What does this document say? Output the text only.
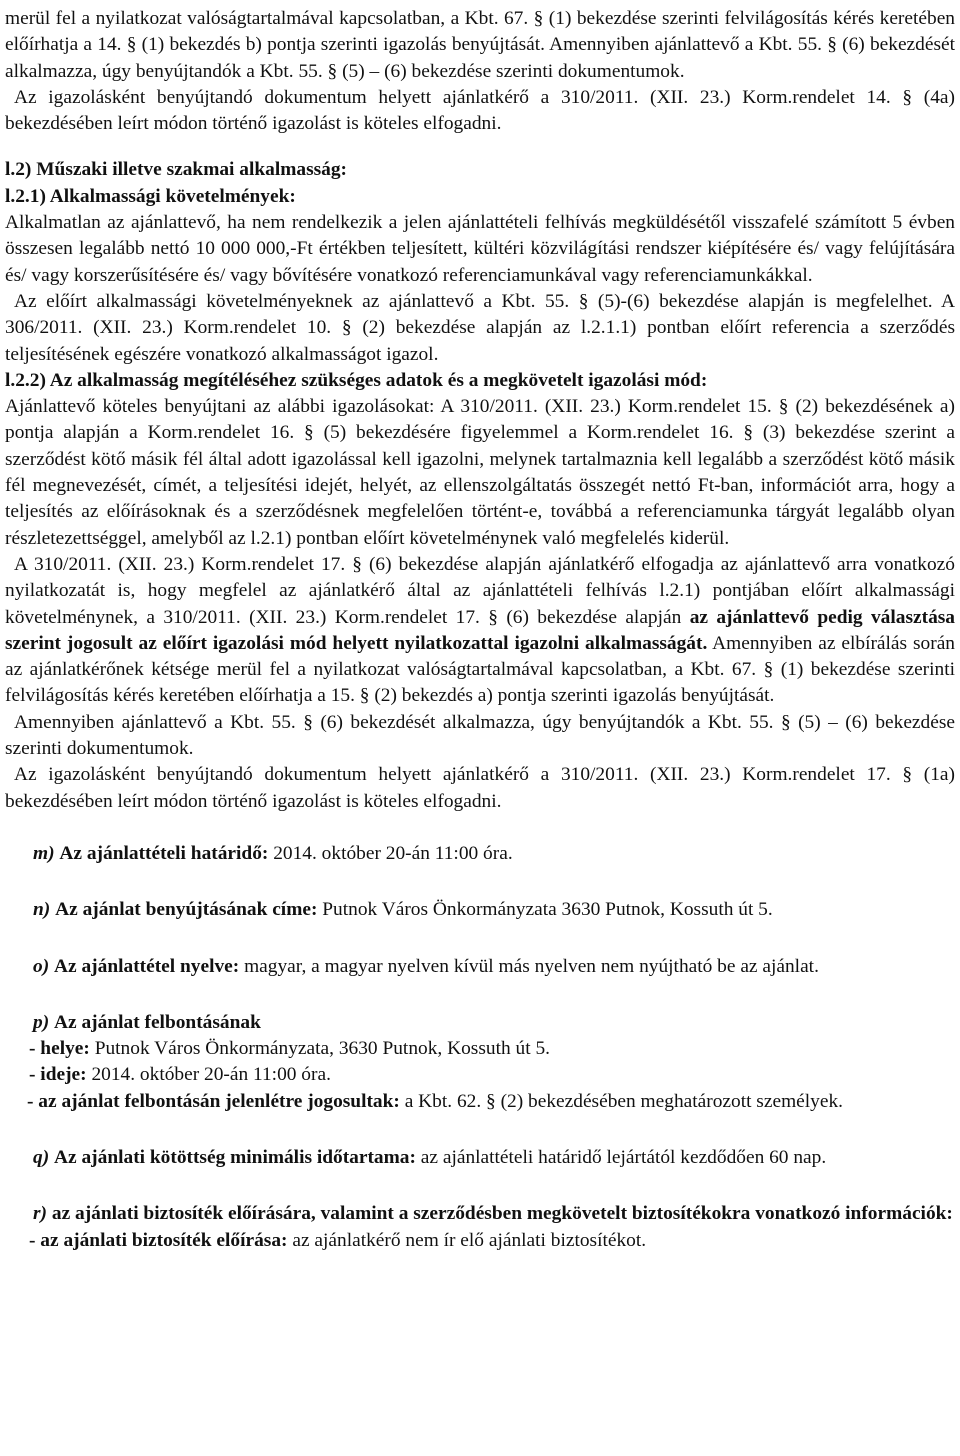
merül fel a nyilatkozat valóságtartalmával kapcsolatban, a Kbt. 67. § (1) bekezdése szerinti felvilágosítás kérés keretében előírhatja a 14. § (1) bekezdés b) pontja szerinti igazolás benyújtását. Amennyiben ajánlattevő a Kbt. 55. § (6) bekezdését alkalmazza, úgy benyújtandók a Kbt. 55. § (5) – (6) bekezdése szerinti dokumentumok.

Az igazolásként benyújtandó dokumentum helyett ajánlatkérő a 310/2011. (XII. 23.) Korm.rendelet 14. § (4a) bekezdésében leírt módon történő igazolást is köteles elfogadni.

l.2) Műszaki illetve szakmai alkalmasság:

l.2.1) Alkalmassági követelmények:

Alkalmatlan az ajánlattevő, ha nem rendelkezik a jelen ajánlattételi felhívás megküldésétől visszafelé számított 5 évben összesen legalább nettó 10 000 000,-Ft értékben teljesített, kültéri közvilágítási rendszer kiépítésére és/ vagy felújítására és/ vagy korszerűsítésére és/ vagy bővítésére vonatkozó referenciamunkával vagy referenciamunkákkal.

Az előírt alkalmassági követelményeknek az ajánlattevő a Kbt. 55. § (5)-(6) bekezdése alapján is megfelelhet. A 306/2011. (XII. 23.) Korm.rendelet 10. § (2) bekezdése alapján az l.2.1.1) pontban előírt referencia a szerződés teljesítésének egészére vonatkozó alkalmasságot igazol.

l.2.2) Az alkalmasság megítéléséhez szükséges adatok és a megkövetelt igazolási mód:

Ajánlattevő köteles benyújtani az alábbi igazolásokat: A 310/2011. (XII. 23.) Korm.rendelet 15. § (2) bekezdésének a) pontja alapján a Korm.rendelet 16. § (5) bekezdésére figyelemmel a Korm.rendelet 16. § (3) bekezdése szerint a szerződést kötő másik fél által adott igazolással kell igazolni, melynek tartalmaznia kell legalább a szerződést kötő másik fél megnevezését, címét, a teljesítési idejét, helyét, az ellenszolgáltatás összegét nettó Ft-ban, információt arra, hogy a teljesítés az előírásoknak és a szerződésnek megfelelően történt-e, továbbá a referenciamunka tárgyát legalább olyan részletezettséggel, amelyből az l.2.1) pontban előírt követelménynek való megfelelés kiderül.

A 310/2011. (XII. 23.) Korm.rendelet 17. § (6) bekezdése alapján ajánlatkérő elfogadja az ajánlattevő arra vonatkozó nyilatkozatát is, hogy megfelel az ajánlatkérő által az ajánlattételi felhívás l.2.1) pontjában előírt alkalmassági követelménynek, a 310/2011. (XII. 23.) Korm.rendelet 17. § (6) bekezdése alapján az ajánlattevő pedig választása szerint jogosult az előírt igazolási mód helyett nyilatkozattal igazolni alkalmasságát. Amennyiben az elbírálás során az ajánlatkérőnek kétsége merül fel a nyilatkozat valóságtartalmával kapcsolatban, a Kbt. 67. § (1) bekezdése szerinti felvilágosítás kérés keretében előírhatja a 15. § (2) bekezdés a) pontja szerinti igazolás benyújtását.

Amennyiben ajánlattevő a Kbt. 55. § (6) bekezdését alkalmazza, úgy benyújtandók a Kbt. 55. § (5) – (6) bekezdése szerinti dokumentumok.

Az igazolásként benyújtandó dokumentum helyett ajánlatkérő a 310/2011. (XII. 23.) Korm.rendelet 17. § (1a) bekezdésében leírt módon történő igazolást is köteles elfogadni.

m) Az ajánlattételi határidő: 2014. október 20-án 11:00 óra.

n) Az ajánlat benyújtásának címe: Putnok Város Önkormányzata 3630 Putnok, Kossuth út 5.

o) Az ajánlattétel nyelve: magyar, a magyar nyelven kívül más nyelven nem nyújtható be az ajánlat.

p) Az ajánlat felbontásának

- helye: Putnok Város Önkormányzata, 3630 Putnok, Kossuth út 5.

- ideje: 2014. október 20-án 11:00 óra.

- az ajánlat felbontásán jelenlétre jogosultak: a Kbt. 62. § (2) bekezdésében meghatározott személyek.

q) Az ajánlati kötöttség minimális időtartama: az ajánlattételi határidő lejártától kezdődően 60 nap.

r) az ajánlati biztosíték előírására, valamint a szerződésben megkövetelt biztosítékokra vonatkozó információk:

- az ajánlati biztosíték előírása: az ajánlatkérő nem ír elő ajánlati biztosítékot.
